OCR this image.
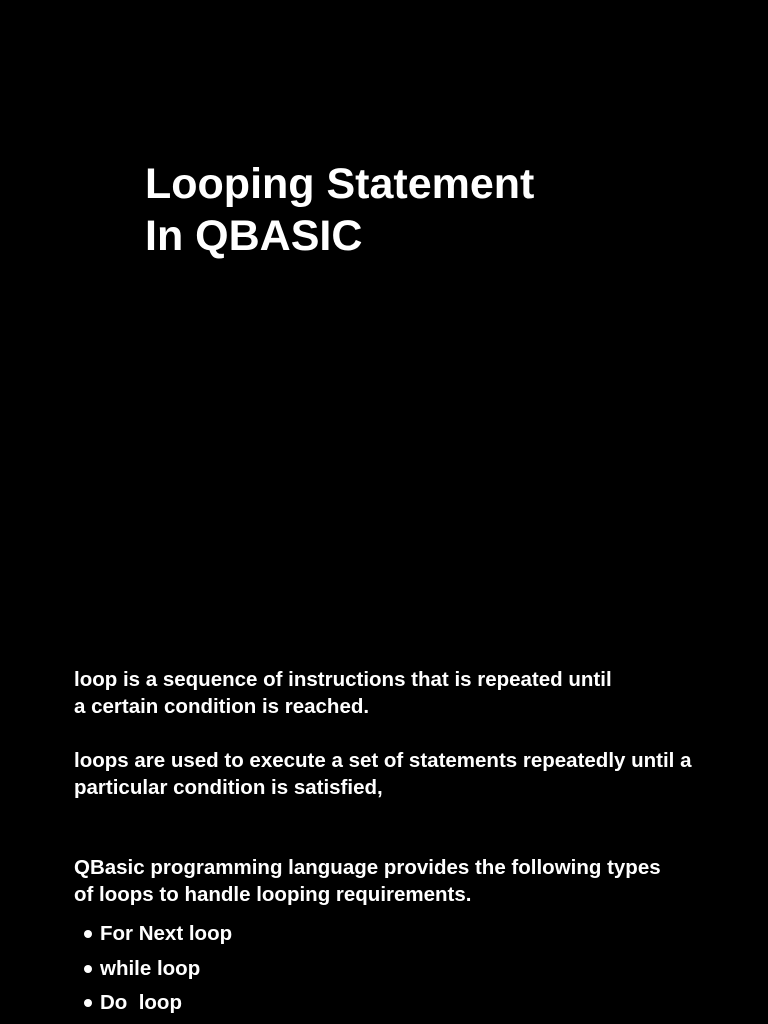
Looping Statement
In QBASIC

loop is a sequence of instructions that is repeated until
a certain condition is reached.

loops are used to execute a set of statements repeatedly until a
particular condition is satisfied,

QBasic programming language provides the following types
of loops to handle looping requirements.

For Next loop
while loop
Do  loop
